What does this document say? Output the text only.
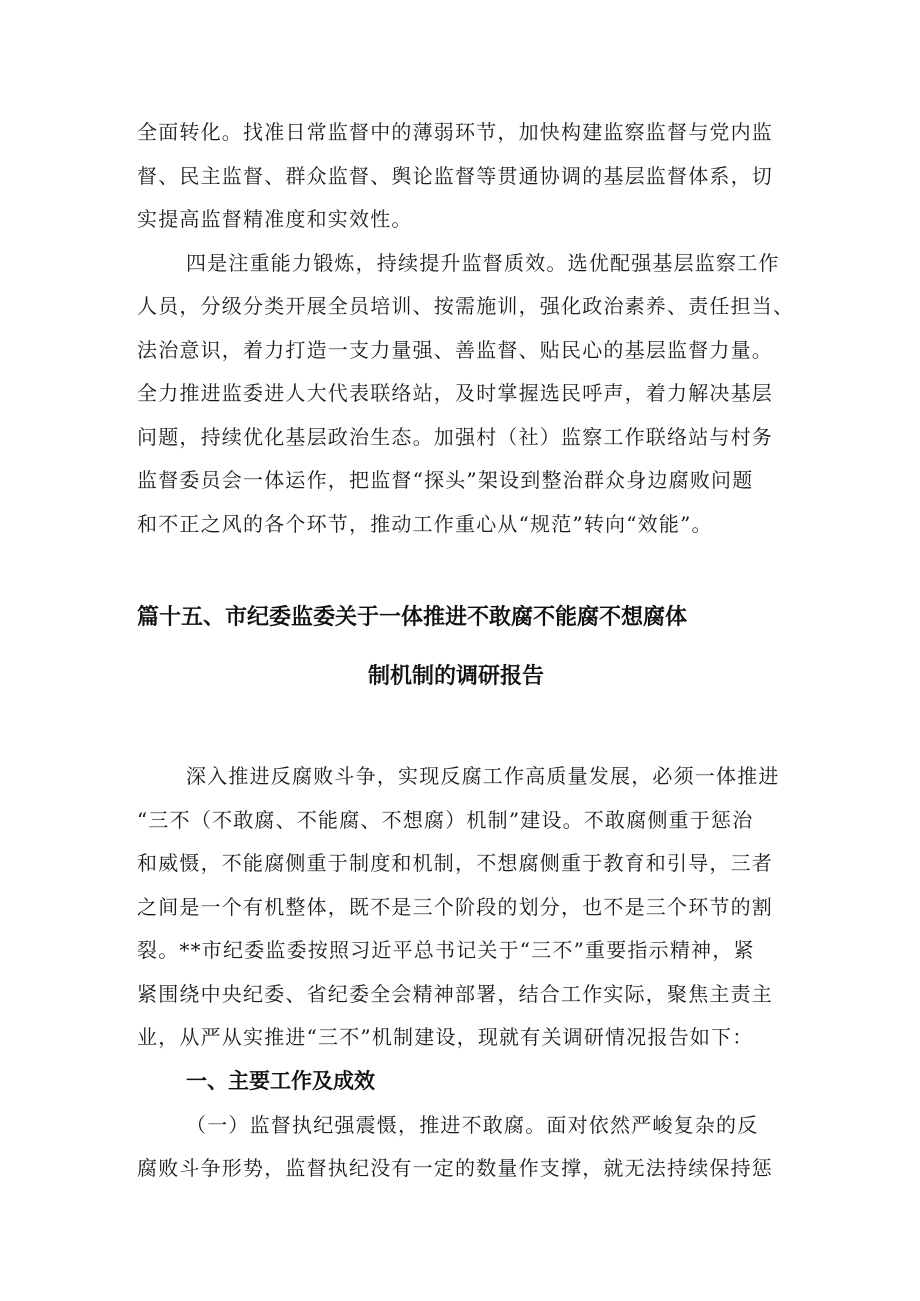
全面转化。找准日常监督中的薄弱环节，加快构建监察监督与党内监
督、民主监督、群众监督、舆论监督等贯通协调的基层监督体系，切
实提高监督精准度和实效性。
四是注重能力锻炼，持续提升监督质效。选优配强基层监察工作
人员，分级分类开展全员培训、按需施训，强化政治素养、责任担当、
法治意识，着力打造一支力量强、善监督、贴民心的基层监督力量。
全力推进监委进人大代表联络站，及时掌握选民呼声，着力解决基层
问题，持续优化基层政治生态。加强村（社）监察工作联络站与村务
监督委员会一体运作，把监督“探头”架设到整治群众身边腐败问题
和不正之风的各个环节，推动工作重心从“规范”转向“效能”。
篇十五、市纪委监委关于一体推进不敢腐不能腐不想腐体
制机制的调研报告
深入推进反腐败斗争，实现反腐工作高质量发展，必须一体推进
“三不（不敢腐、不能腐、不想腐）机制”建设。不敢腐侧重于惩治
和威慑，不能腐侧重于制度和机制，不想腐侧重于教育和引导，三者
之间是一个有机整体，既不是三个阶段的划分，也不是三个环节的割
裂。**市纪委监委按照习近平总书记关于“三不”重要指示精神，紧
紧围绕中央纪委、省纪委全会精神部署，结合工作实际，聚焦主责主
业，从严从实推进“三不”机制建设，现就有关调研情况报告如下：
一、主要工作及成效
（一）监督执纪强震慑，推进不敢腐。面对依然严峻复杂的反
腐败斗争形势，监督执纪没有一定的数量作支撑，就无法持续保持惩
